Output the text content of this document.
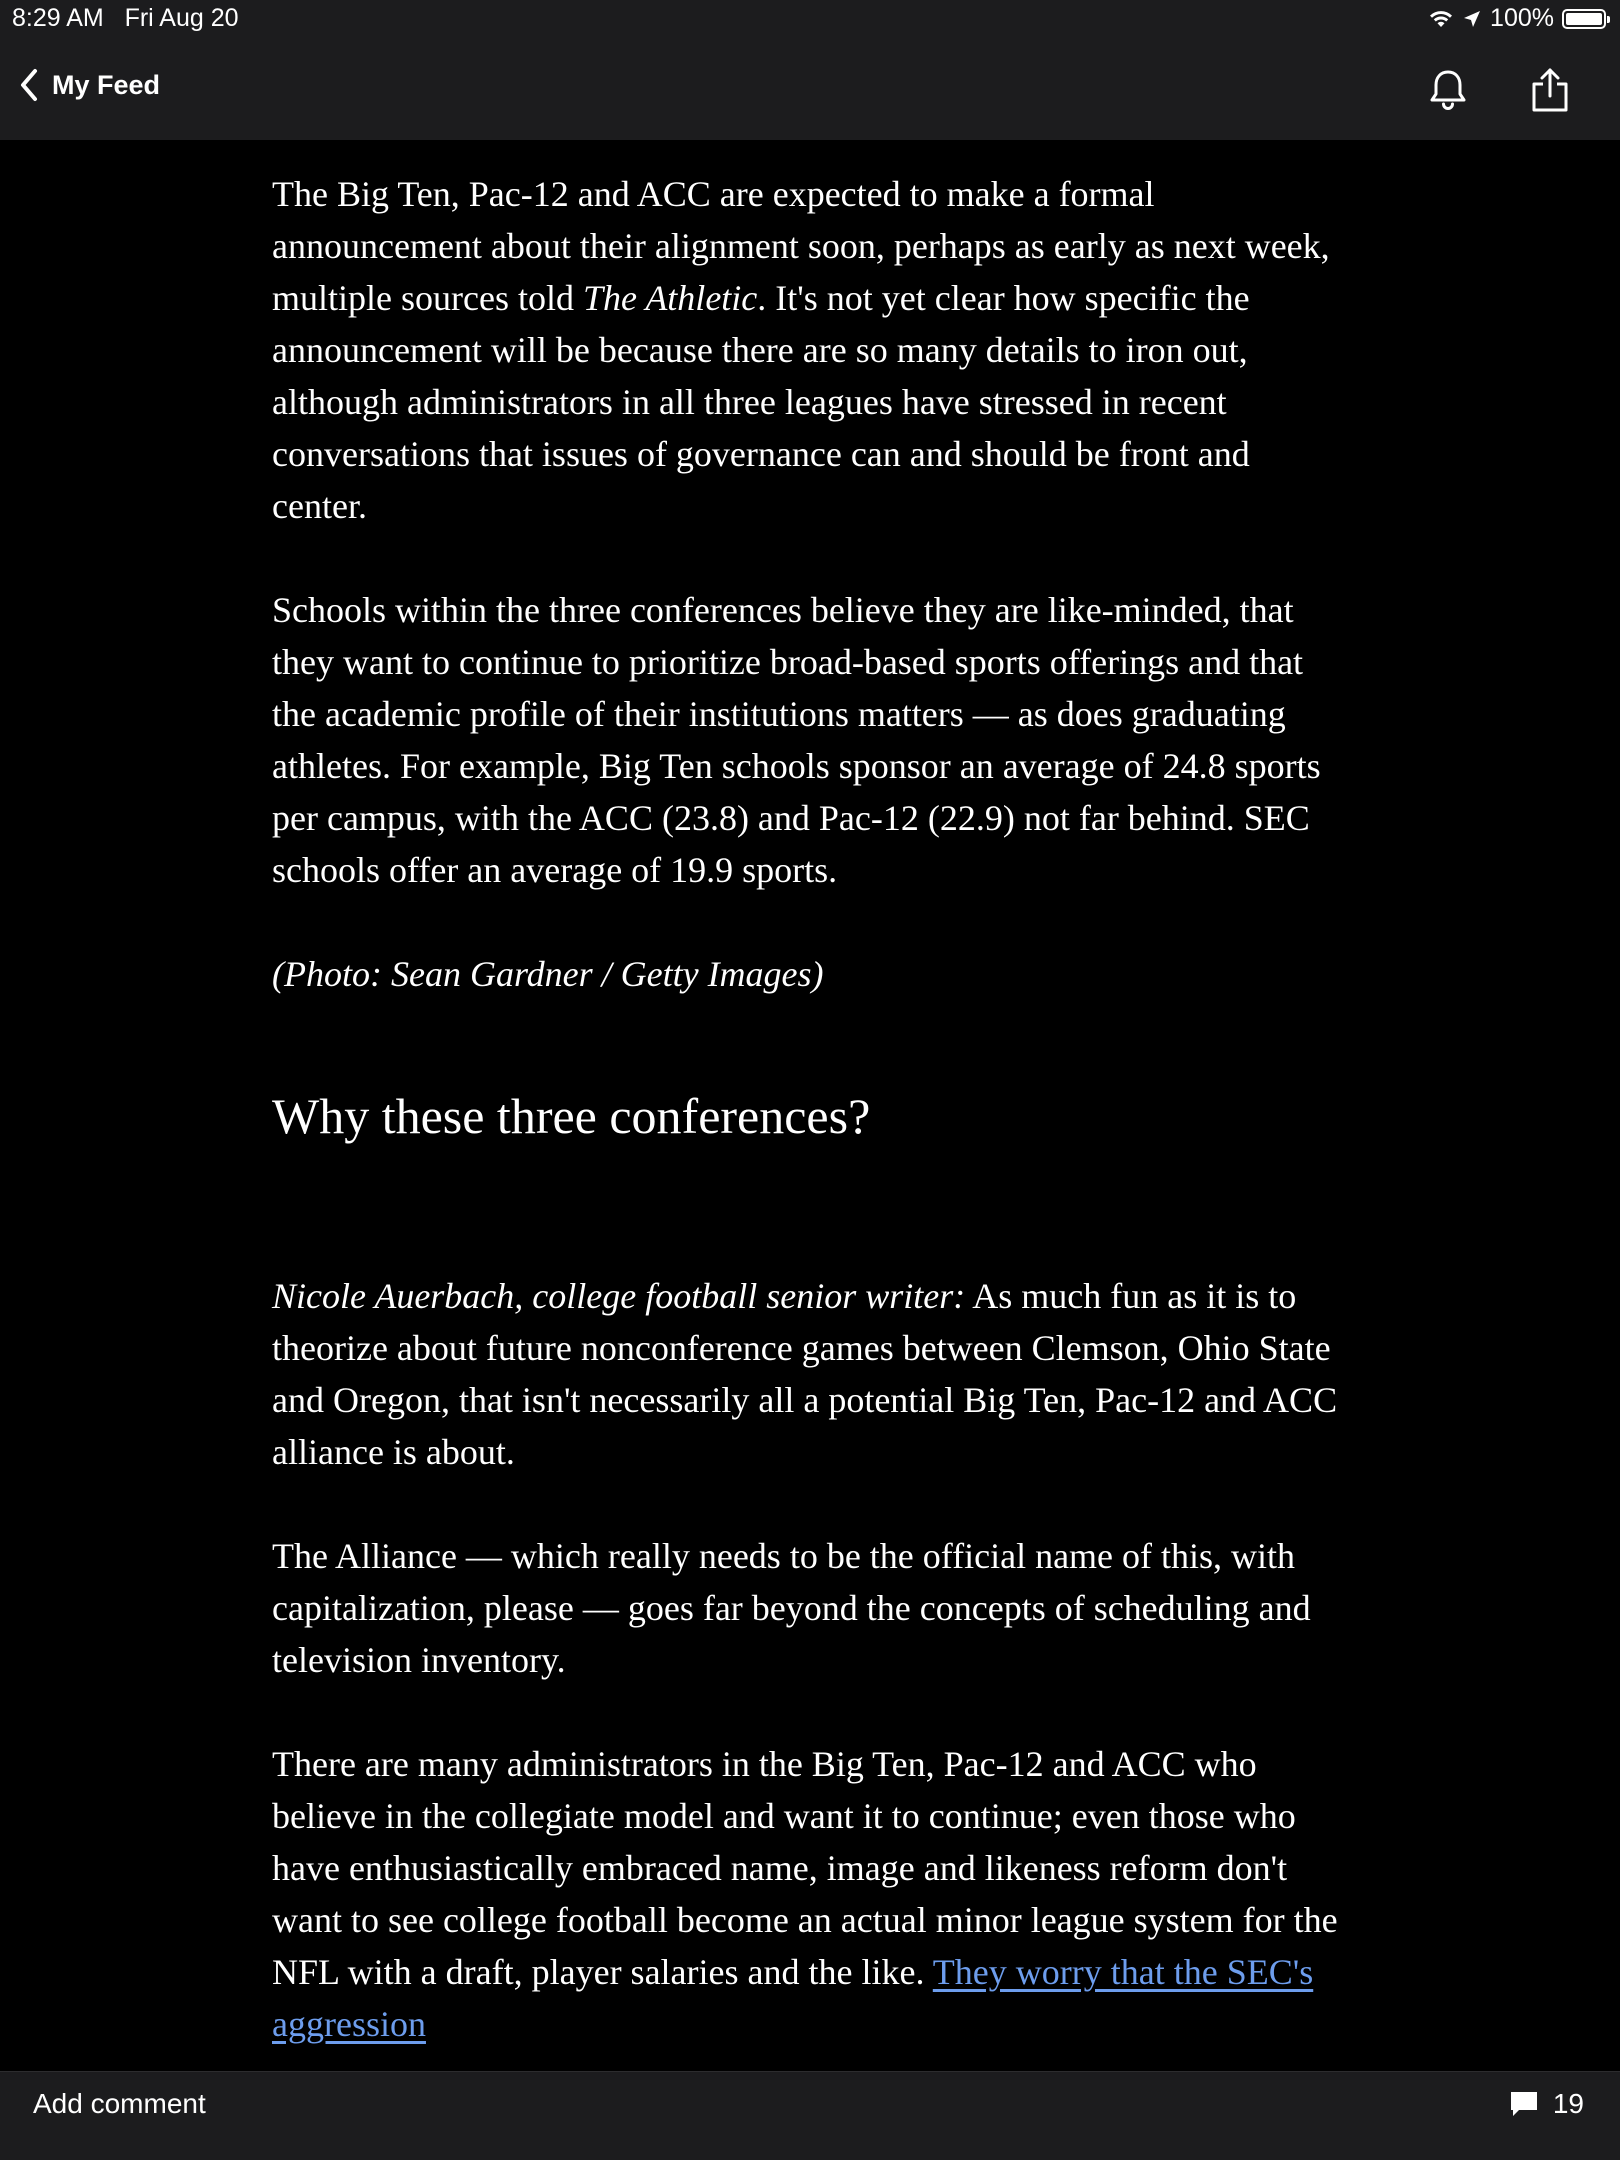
8:29 AM Fri Aug 20	100%
My Feed

The Big Ten, Pac-12 and ACC are expected to make a formal announcement about their alignment soon, perhaps as early as next week, multiple sources told The Athletic. It's not yet clear how specific the announcement will be because there are so many details to iron out, although administrators in all three leagues have stressed in recent conversations that issues of governance can and should be front and center.

Schools within the three conferences believe they are like-minded, that they want to continue to prioritize broad-based sports offerings and that the academic profile of their institutions matters — as does graduating athletes. For example, Big Ten schools sponsor an average of 24.8 sports per campus, with the ACC (23.8) and Pac-12 (22.9) not far behind. SEC schools offer an average of 19.9 sports.

(Photo: Sean Gardner / Getty Images)

Why these three conferences?

Nicole Auerbach, college football senior writer: As much fun as it is to theorize about future nonconference games between Clemson, Ohio State and Oregon, that isn't necessarily all a potential Big Ten, Pac-12 and ACC alliance is about.

The Alliance — which really needs to be the official name of this, with capitalization, please — goes far beyond the concepts of scheduling and television inventory.

There are many administrators in the Big Ten, Pac-12 and ACC who believe in the collegiate model and want it to continue; even those who have enthusiastically embraced name, image and likeness reform don't want to see college football become an actual minor league system for the NFL with a draft, player salaries and the like. They worry that the SEC's aggression

Add comment	19
